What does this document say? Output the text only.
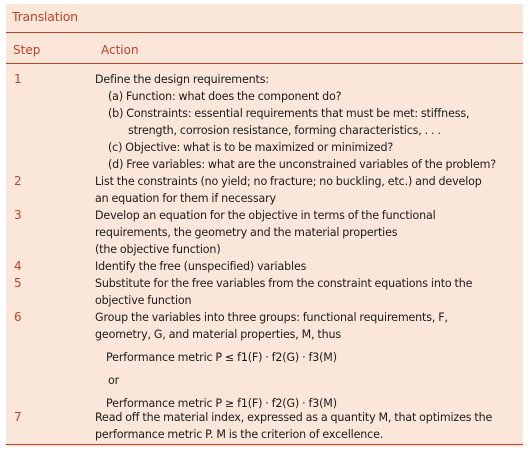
Translation
Step	Action
1	Define the design requirements:
(a) Function: what does the component do?
(b) Constraints: essential requirements that must be met: stiffness,
strength, corrosion resistance, forming characteristics, . . .
(c) Objective: what is to be maximized or minimized?
(d) Free variables: what are the unconstrained variables of the problem?
2	List the constraints (no yield; no fracture; no buckling, etc.) and develop
an equation for them if necessary
3	Develop an equation for the objective in terms of the functional
requirements, the geometry and the material properties
(the objective function)
4	Identify the free (unspecified) variables
5	Substitute for the free variables from the constraint equations into the
objective function
6	Group the variables into three groups: functional requirements, F,
geometry, G, and material properties, M, thus
Performance metric P ≤ f1(F) · f2(G) · f3(M)
or
Performance metric P ≥ f1(F) · f2(G) · f3(M)
7	Read off the material index, expressed as a quantity M, that optimizes the
performance metric P. M is the criterion of excellence.
